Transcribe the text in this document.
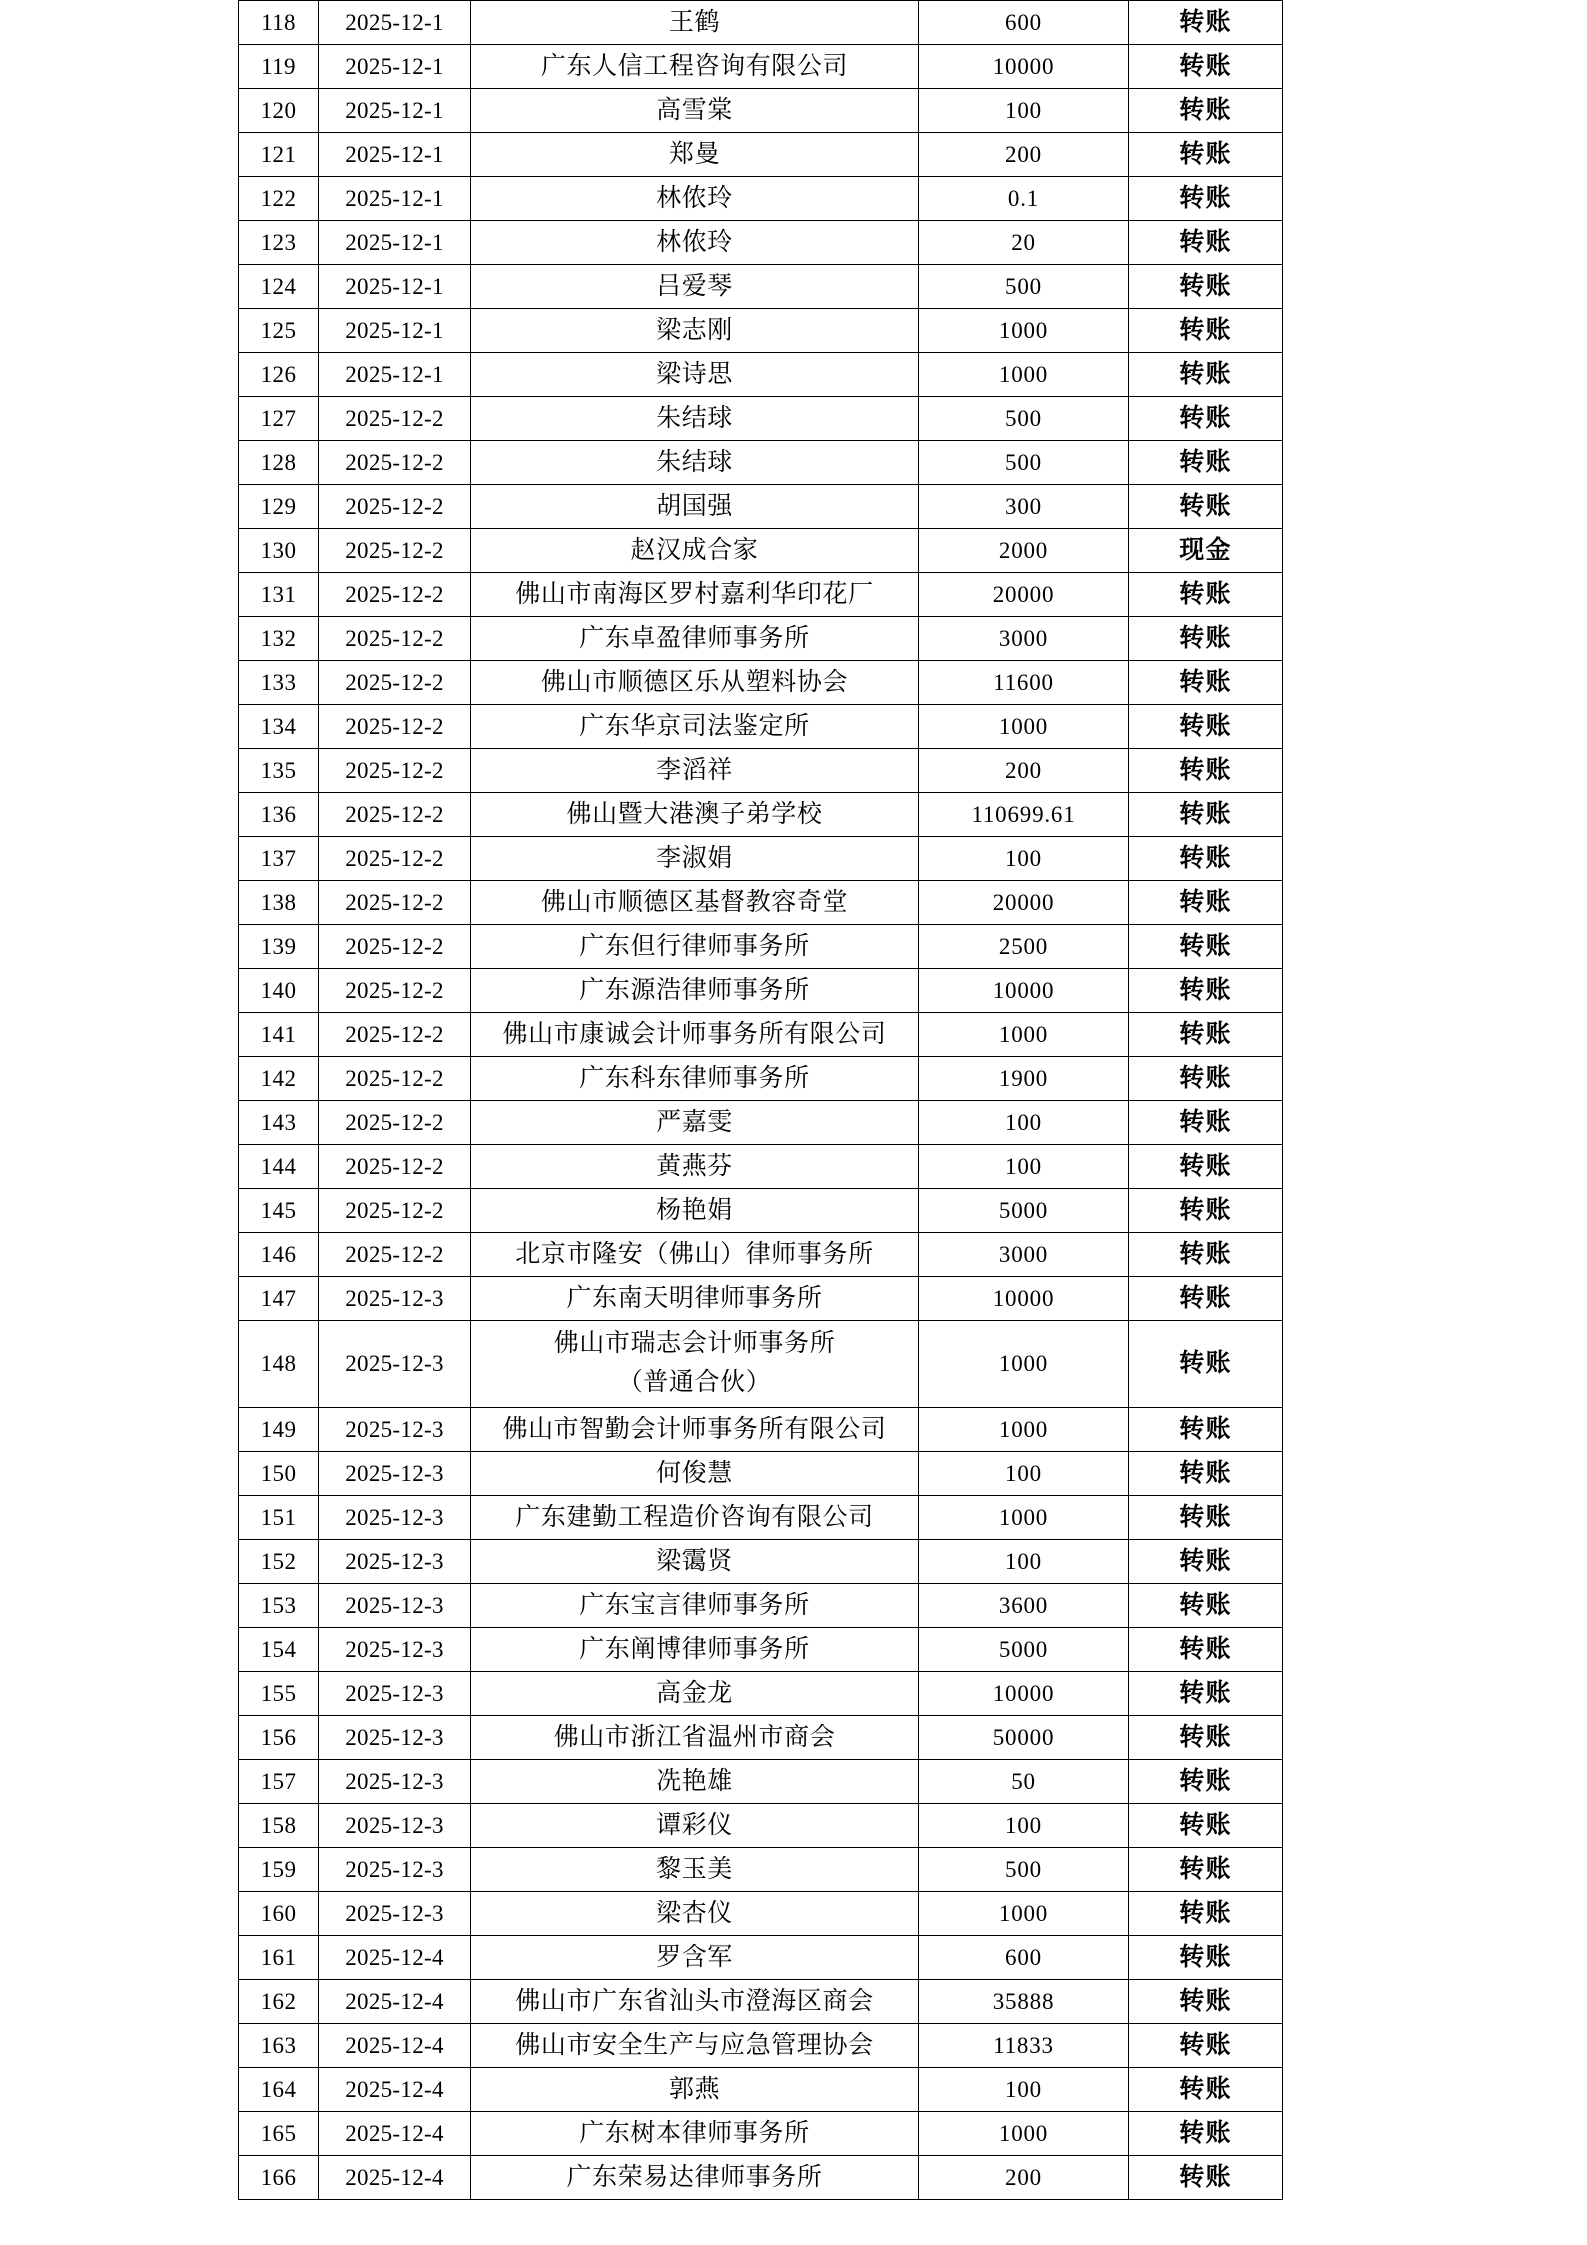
118	2025-12-1	王鹤	600	转账
119	2025-12-1	广东人信工程咨询有限公司	10000	转账
120	2025-12-1	高雪棠	100	转账
121	2025-12-1	郑曼	200	转账
122	2025-12-1	林侬玲	0.1	转账
123	2025-12-1	林侬玲	20	转账
124	2025-12-1	吕爱琴	500	转账
125	2025-12-1	梁志刚	1000	转账
126	2025-12-1	梁诗思	1000	转账
127	2025-12-2	朱结球	500	转账
128	2025-12-2	朱结球	500	转账
129	2025-12-2	胡国强	300	转账
130	2025-12-2	赵汉成合家	2000	现金
131	2025-12-2	佛山市南海区罗村嘉利华印花厂	20000	转账
132	2025-12-2	广东卓盈律师事务所	3000	转账
133	2025-12-2	佛山市顺德区乐从塑料协会	11600	转账
134	2025-12-2	广东华京司法鉴定所	1000	转账
135	2025-12-2	李滔祥	200	转账
136	2025-12-2	佛山暨大港澳子弟学校	110699.61	转账
137	2025-12-2	李淑娟	100	转账
138	2025-12-2	佛山市顺德区基督教容奇堂	20000	转账
139	2025-12-2	广东但行律师事务所	2500	转账
140	2025-12-2	广东源浩律师事务所	10000	转账
141	2025-12-2	佛山市康诚会计师事务所有限公司	1000	转账
142	2025-12-2	广东科东律师事务所	1900	转账
143	2025-12-2	严嘉雯	100	转账
144	2025-12-2	黄燕芬	100	转账
145	2025-12-2	杨艳娟	5000	转账
146	2025-12-2	北京市隆安（佛山）律师事务所	3000	转账
147	2025-12-3	广东南天明律师事务所	10000	转账
148	2025-12-3	佛山市瑞志会计师事务所
（普通合伙）	1000	转账
149	2025-12-3	佛山市智勤会计师事务所有限公司	1000	转账
150	2025-12-3	何俊慧	100	转账
151	2025-12-3	广东建勤工程造价咨询有限公司	1000	转账
152	2025-12-3	梁霭贤	100	转账
153	2025-12-3	广东宝言律师事务所	3600	转账
154	2025-12-3	广东阐博律师事务所	5000	转账
155	2025-12-3	高金龙	10000	转账
156	2025-12-3	佛山市浙江省温州市商会	50000	转账
157	2025-12-3	冼艳雄	50	转账
158	2025-12-3	谭彩仪	100	转账
159	2025-12-3	黎玉美	500	转账
160	2025-12-3	梁杏仪	1000	转账
161	2025-12-4	罗含军	600	转账
162	2025-12-4	佛山市广东省汕头市澄海区商会	35888	转账
163	2025-12-4	佛山市安全生产与应急管理协会	11833	转账
164	2025-12-4	郭燕	100	转账
165	2025-12-4	广东树本律师事务所	1000	转账
166	2025-12-4	广东荣易达律师事务所	200	转账
